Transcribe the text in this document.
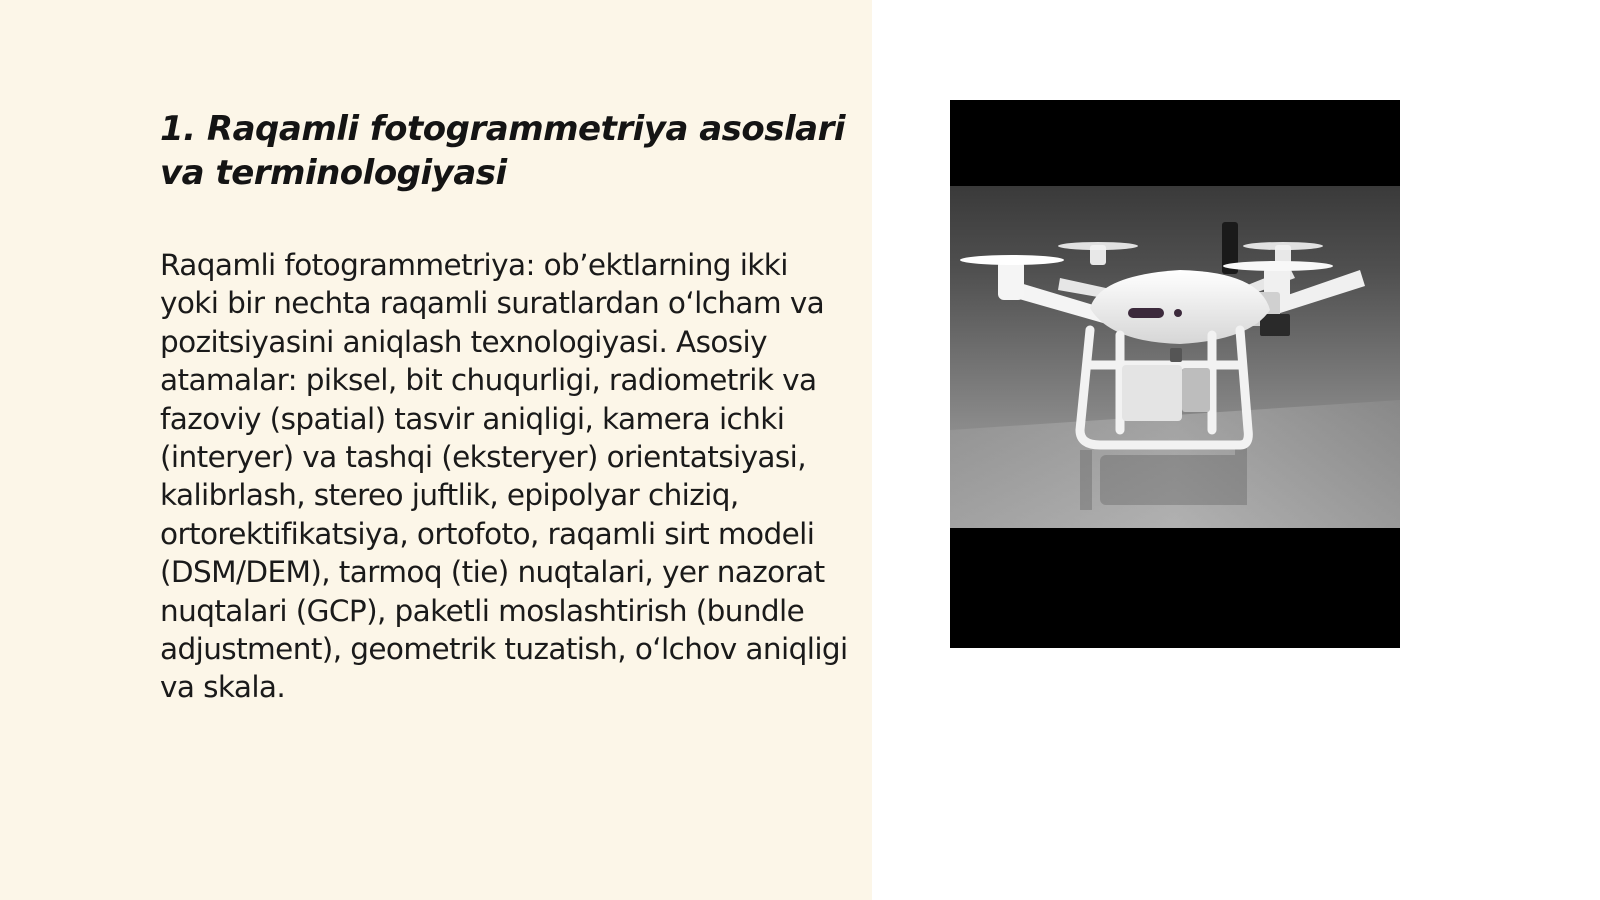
1. Raqamli fotogrammetriya asoslari va terminologiyasi

Raqamli fotogrammetriya: ob’ektlarning ikki yoki bir nechta raqamli suratlardan o‘lcham va pozitsiyasini aniqlash texnologiyasi. Asosiy atamalar: piksel, bit chuqurligi, radiometrik va fazoviy (spatial) tasvir aniqligi, kamera ichki (interyer) va tashqi (eksteryer) orientatsiyasi, kalibrlash, stereo juftlik, epipolyar chiziq, ortorektifikatsiya, ortofoto, raqamli sirt modeli (DSM/DEM), tarmoq (tie) nuqtalari, yer nazorat nuqtalari (GCP), paketli moslashtirish (bundle adjustment), geometrik tuzatish, o‘lchov aniqligi va skala.
